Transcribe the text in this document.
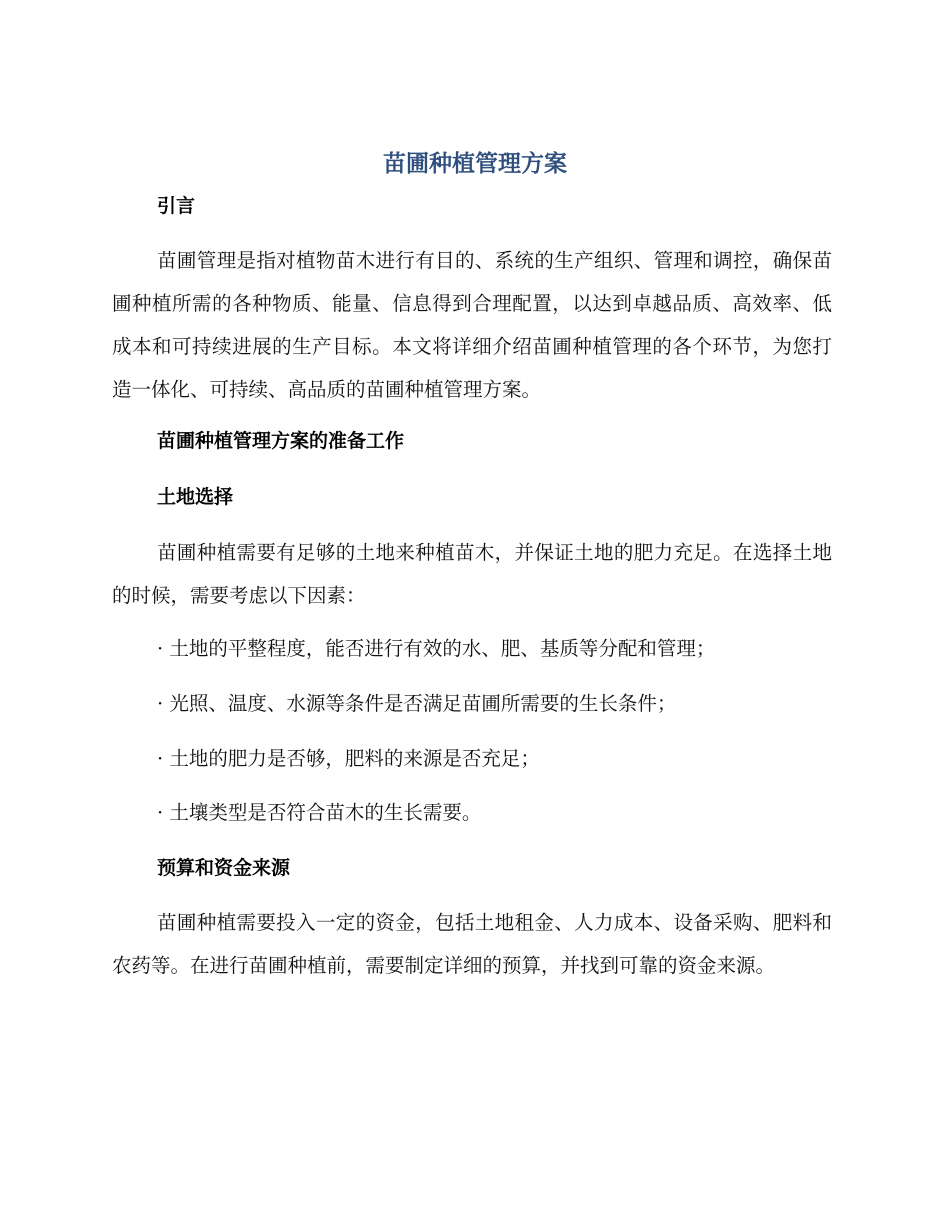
苗圃种植管理方案
引言
苗圃管理是指对植物苗木进行有目的、系统的生产组织、管理和调控，确保苗圃种植所需的各种物质、能量、信息得到合理配置，以达到卓越品质、高效率、低成本和可持续进展的生产目标。本文将详细介绍苗圃种植管理的各个环节，为您打造一体化、可持续、高品质的苗圃种植管理方案。
苗圃种植管理方案的准备工作
土地选择
苗圃种植需要有足够的土地来种植苗木，并保证土地的肥力充足。在选择土地的时候，需要考虑以下因素：
· 土地的平整程度，能否进行有效的水、肥、基质等分配和管理；
· 光照、温度、水源等条件是否满足苗圃所需要的生长条件；
· 土地的肥力是否够，肥料的来源是否充足；
· 土壤类型是否符合苗木的生长需要。
预算和资金来源
苗圃种植需要投入一定的资金，包括土地租金、人力成本、设备采购、肥料和农药等。在进行苗圃种植前，需要制定详细的预算，并找到可靠的资金来源。
